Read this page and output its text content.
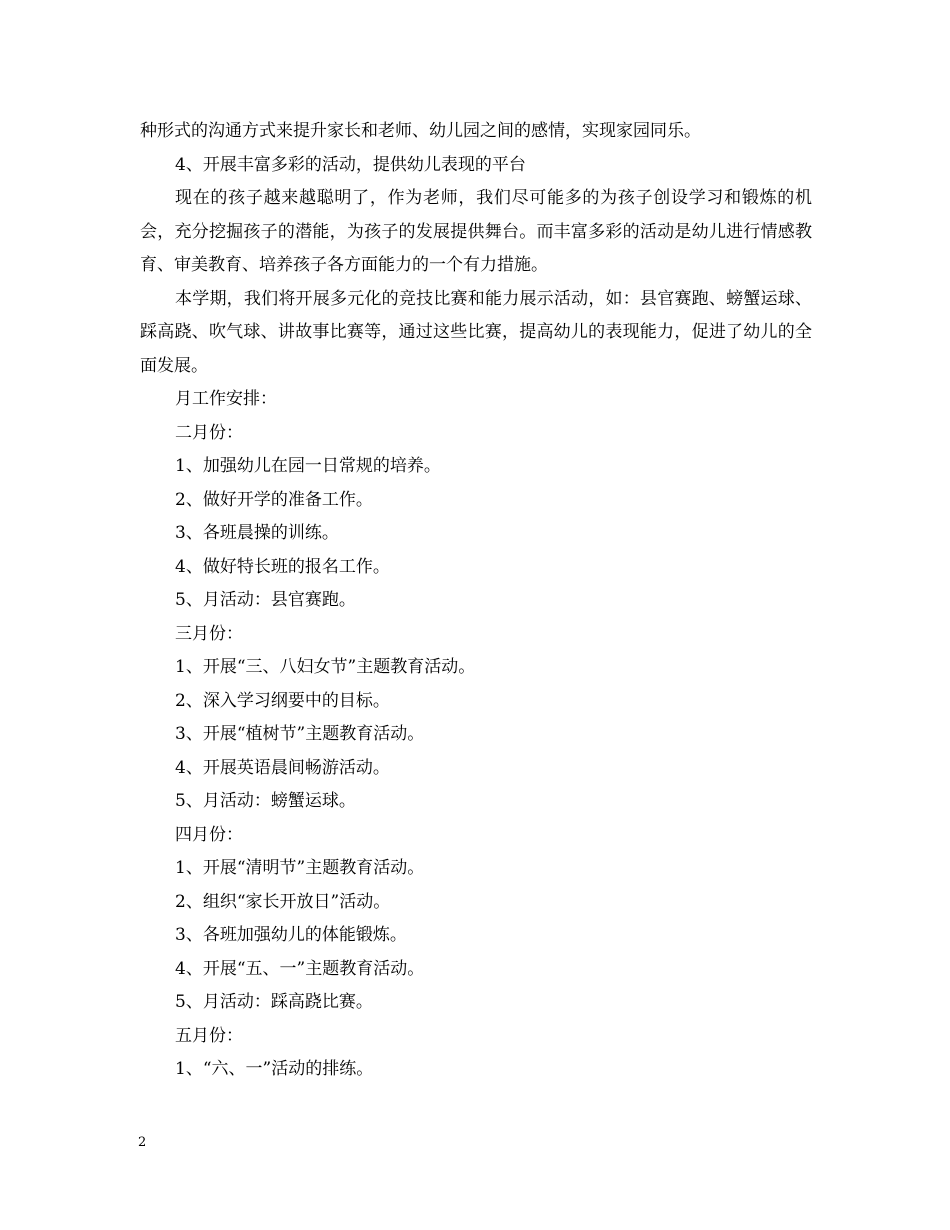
种形式的沟通方式来提升家长和老师、幼儿园之间的感情，实现家园同乐。

4、开展丰富多彩的活动，提供幼儿表现的平台

现在的孩子越来越聪明了，作为老师，我们尽可能多的为孩子创设学习和锻炼的机会，充分挖掘孩子的潜能，为孩子的发展提供舞台。而丰富多彩的活动是幼儿进行情感教育、审美教育、培养孩子各方面能力的一个有力措施。

本学期，我们将开展多元化的竞技比赛和能力展示活动，如：县官赛跑、螃蟹运球、踩高跷、吹气球、讲故事比赛等，通过这些比赛，提高幼儿的表现能力，促进了幼儿的全面发展。

月工作安排：

二月份：

1、加强幼儿在园一日常规的培养。

2、做好开学的准备工作。

3、各班晨操的训练。

4、做好特长班的报名工作。

5、月活动：县官赛跑。

三月份：

1、开展“三、八妇女节”主题教育活动。

2、深入学习纲要中的目标。

3、开展“植树节”主题教育活动。

4、开展英语晨间畅游活动。

5、月活动：螃蟹运球。

四月份：

1、开展“清明节”主题教育活动。

2、组织“家长开放日”活动。

3、各班加强幼儿的体能锻炼。

4、开展“五、一”主题教育活动。

5、月活动：踩高跷比赛。

五月份：

1、“六、一”活动的排练。

2
